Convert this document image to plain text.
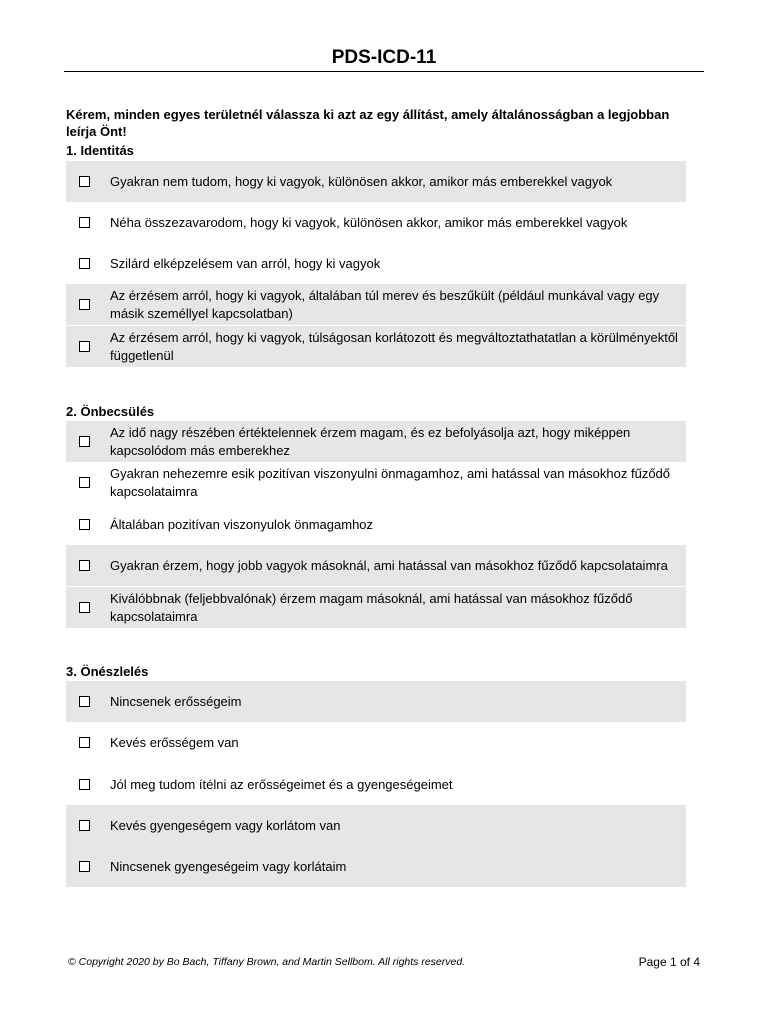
PDS-ICD-11
Kérem, minden egyes területnél válassza ki azt az egy állítást, amely általánosságban a legjobban leírja Önt!
1. Identitás
Gyakran nem tudom, hogy ki vagyok, különösen akkor, amikor más emberekkel vagyok
Néha összezavarodom, hogy ki vagyok, különösen akkor, amikor más emberekkel vagyok
Szilárd elképzelésem van arról, hogy ki vagyok
Az érzésem arról, hogy ki vagyok, általában túl merev és beszűkült (például munkával vagy egy másik személlyel kapcsolatban)
Az érzésem arról, hogy ki vagyok, túlságosan korlátozott és megváltoztathatatlan a körülményektől függetlenül
2. Önbecsülés
Az idő nagy részében értéktelennek érzem magam, és ez befolyásolja azt, hogy miképpen kapcsolódom más emberekhez
Gyakran nehezemre esik pozitívan viszonyulni önmagamhoz, ami hatással van másokhoz fűződő kapcsolataimra
Általában pozitívan viszonyulok önmagamhoz
Gyakran érzem, hogy jobb vagyok másoknál, ami hatással van másokhoz fűződő kapcsolataimra
Kiválóbbnak (feljebbvalónak) érzem magam másoknál, ami hatással van másokhoz fűződő kapcsolataimra
3. Önészlelés
Nincsenek erősségeim
Kevés erősségem van
Jól meg tudom ítélni az erősségeimet és a gyengeségeimet
Kevés gyengeségem vagy korlátom van
Nincsenek gyengeségeim vagy korlátaim
© Copyright 2020 by Bo Bach, Tiffany Brown, and Martin Sellbom. All rights reserved.	Page 1 of 4
